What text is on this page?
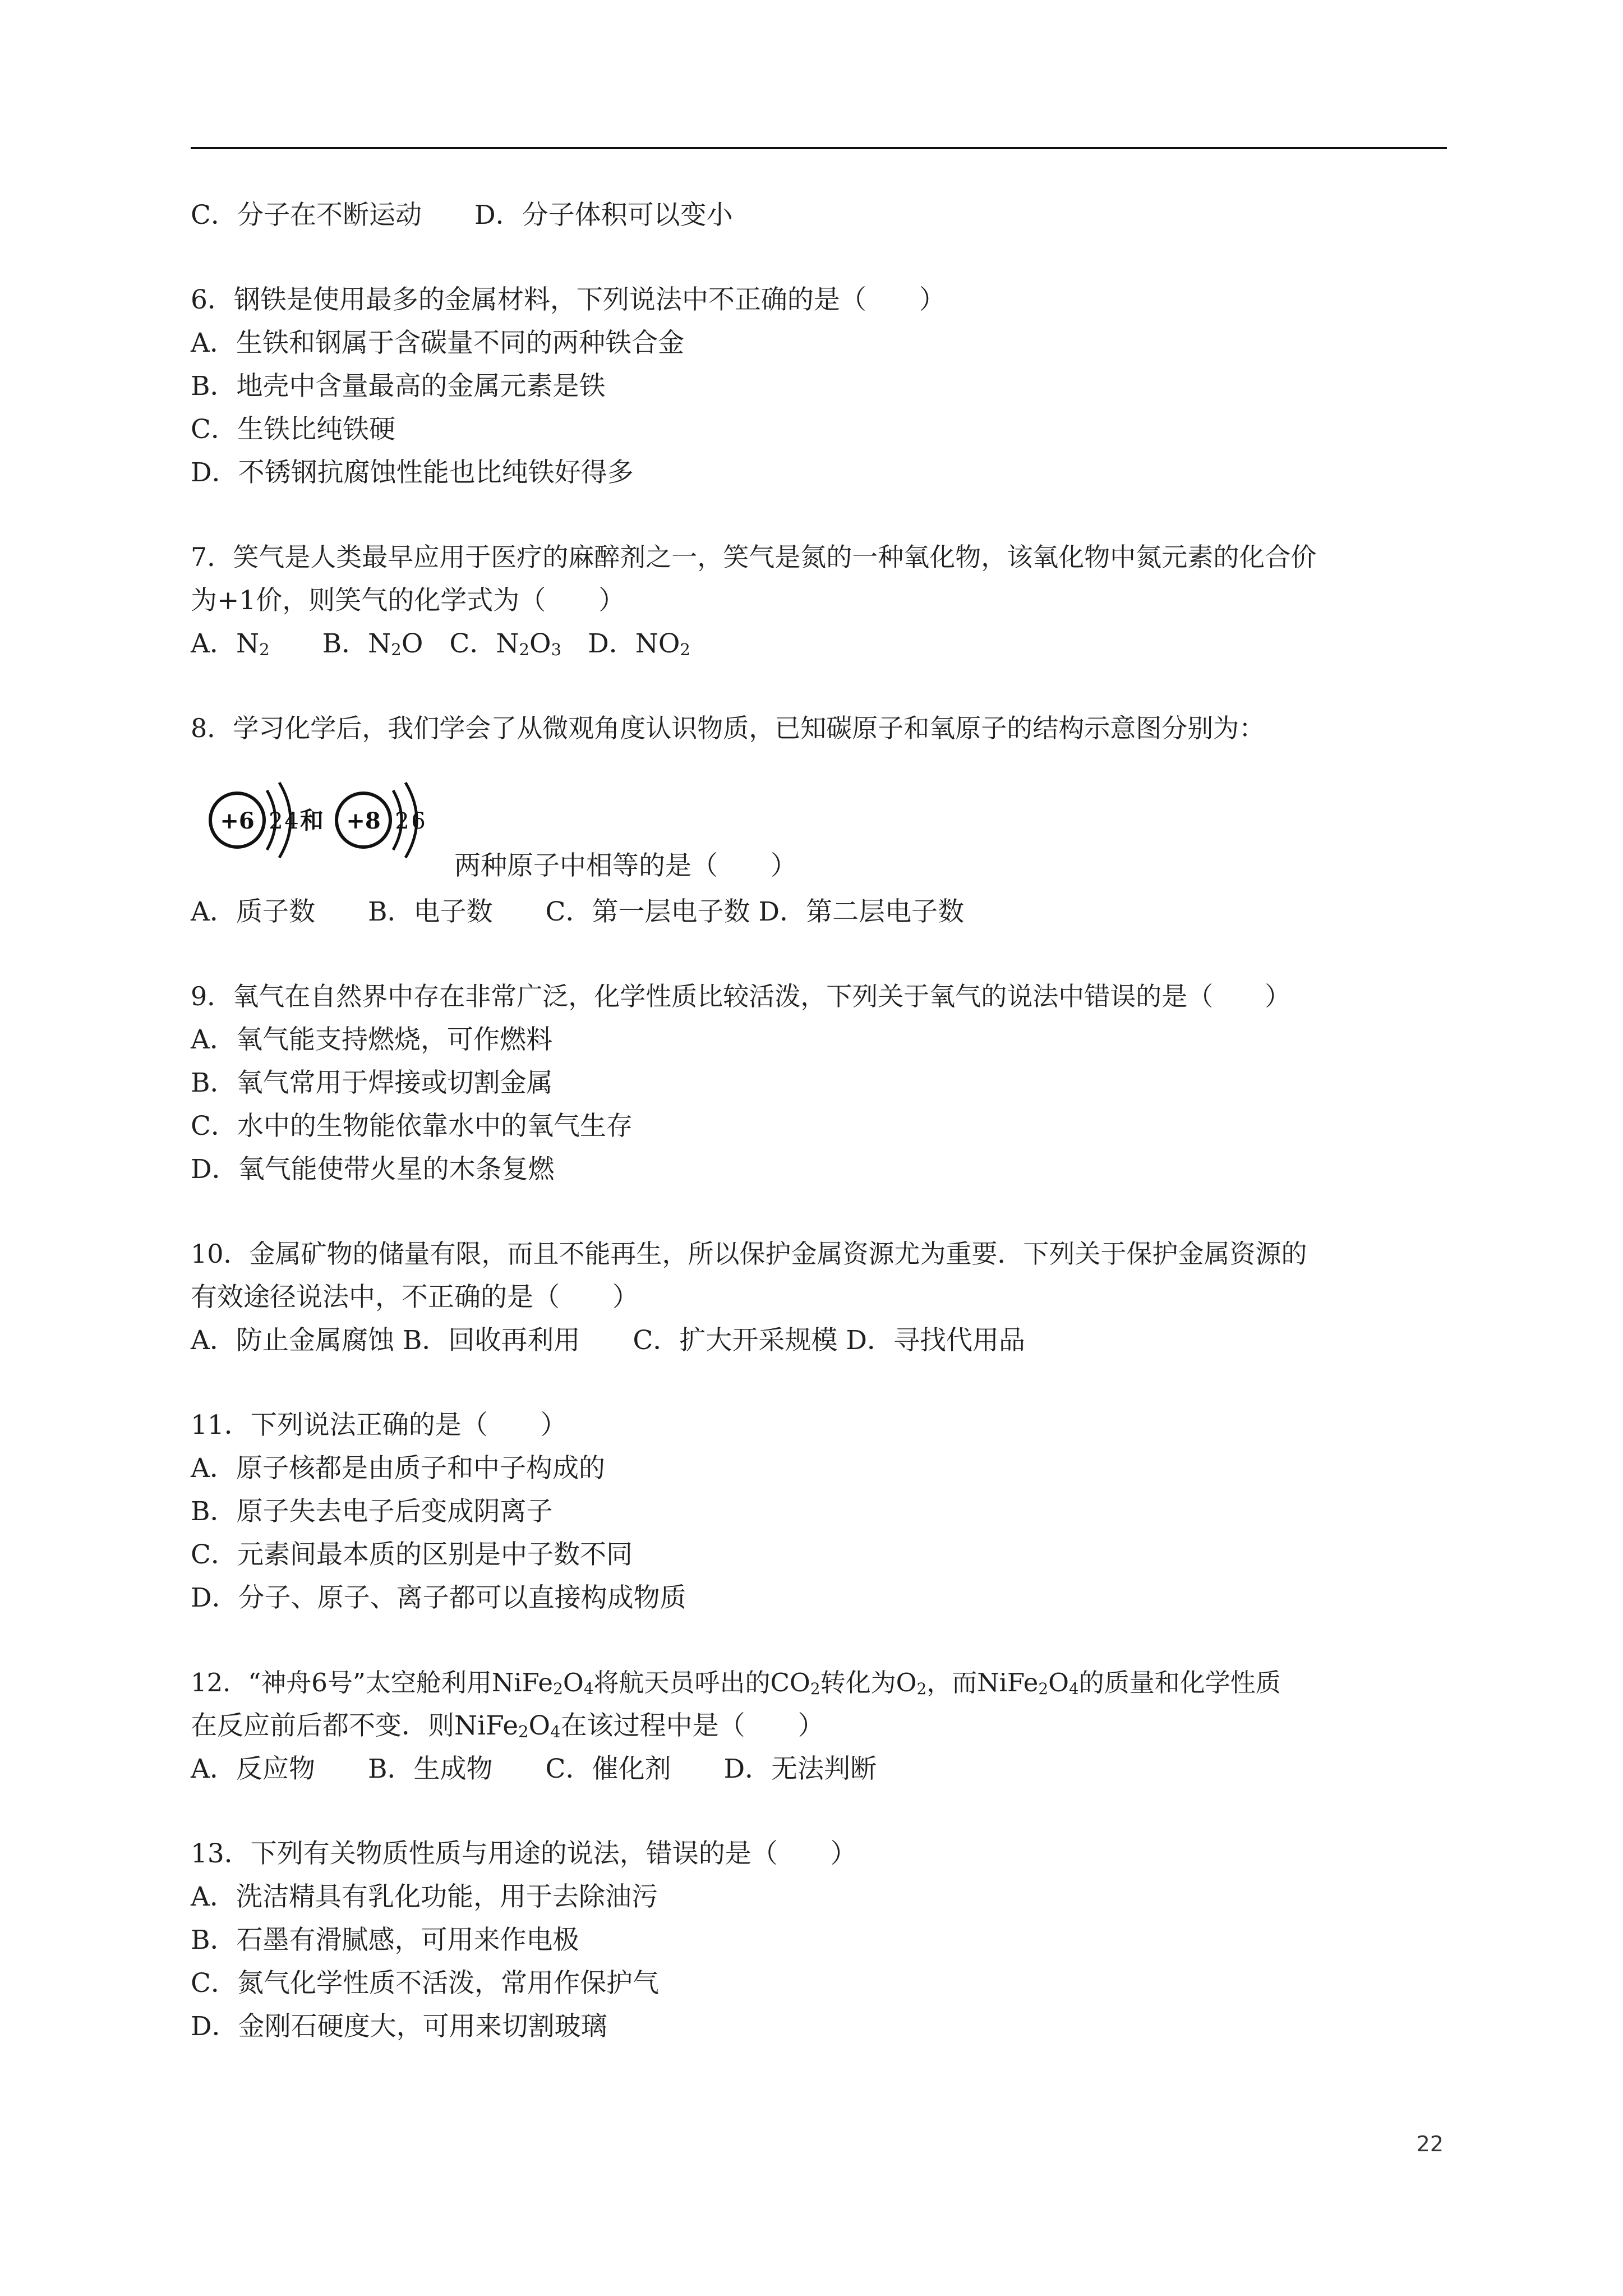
C．分子在不断运动　　 D．分子体积可以变小
6．钢铁是使用最多的金属材料，下列说法中不正确的是（　　）
A．生铁和钢属于含碳量不同的两种铁合金
B．地壳中含量最高的金属元素是铁
C．生铁比纯铁硬
D．不锈钢抗腐蚀性能也比纯铁好得多
7．笑气是人类最早应用于医疗的麻醉剂之一，笑气是氮的一种氧化物，该氧化物中氮元素的化合价
为+1价，则笑气的化学式为（　　）
A．$N_2$　　 B．$N_2O$　 C．$N_2O_3$　 D．$NO_2$
8．学习化学后，我们学会了从微观角度认识物质，已知碳原子和氧原子的结构示意图分别为：
+6 2 4 和 +8 2 6
两种原子中相等的是（　　）
A．质子数　　B．电子数　　C．第一层电子数 D．第二层电子数
9．氧气在自然界中存在非常广泛，化学性质比较活泼，下列关于氧气的说法中错误的是（　　）
A．氧气能支持燃烧，可作燃料
B．氧气常用于焊接或切割金属
C．水中的生物能依靠水中的氧气生存
D．氧气能使带火星的木条复燃
10．金属矿物的储量有限，而且不能再生，所以保护金属资源尤为重要．下列关于保护金属资源的
有效途径说法中，不正确的是（　　）
A．防止金属腐蚀 B．回收再利用　　C．扩大开采规模 D．寻找代用品
11．下列说法正确的是（　　）
A．原子核都是由质子和中子构成的
B．原子失去电子后变成阴离子
C．元素间最本质的区别是中子数不同
D．分子、原子、离子都可以直接构成物质
12．“神舟6号”太空舱利用$NiFe_2O_4$将航天员呼出的$CO_2$转化为$O_2$，而$NiFe_2O_4$的质量和化学性质
在反应前后都不变．则$NiFe_2O_4$在该过程中是（　　）
A．反应物　　B．生成物　　C．催化剂　　D．无法判断
13．下列有关物质性质与用途的说法，错误的是（　　）
A．洗洁精具有乳化功能，用于去除油污
B．石墨有滑腻感，可用来作电极
C．氮气化学性质不活泼，常用作保护气
D．金刚石硬度大，可用来切割玻璃
22
